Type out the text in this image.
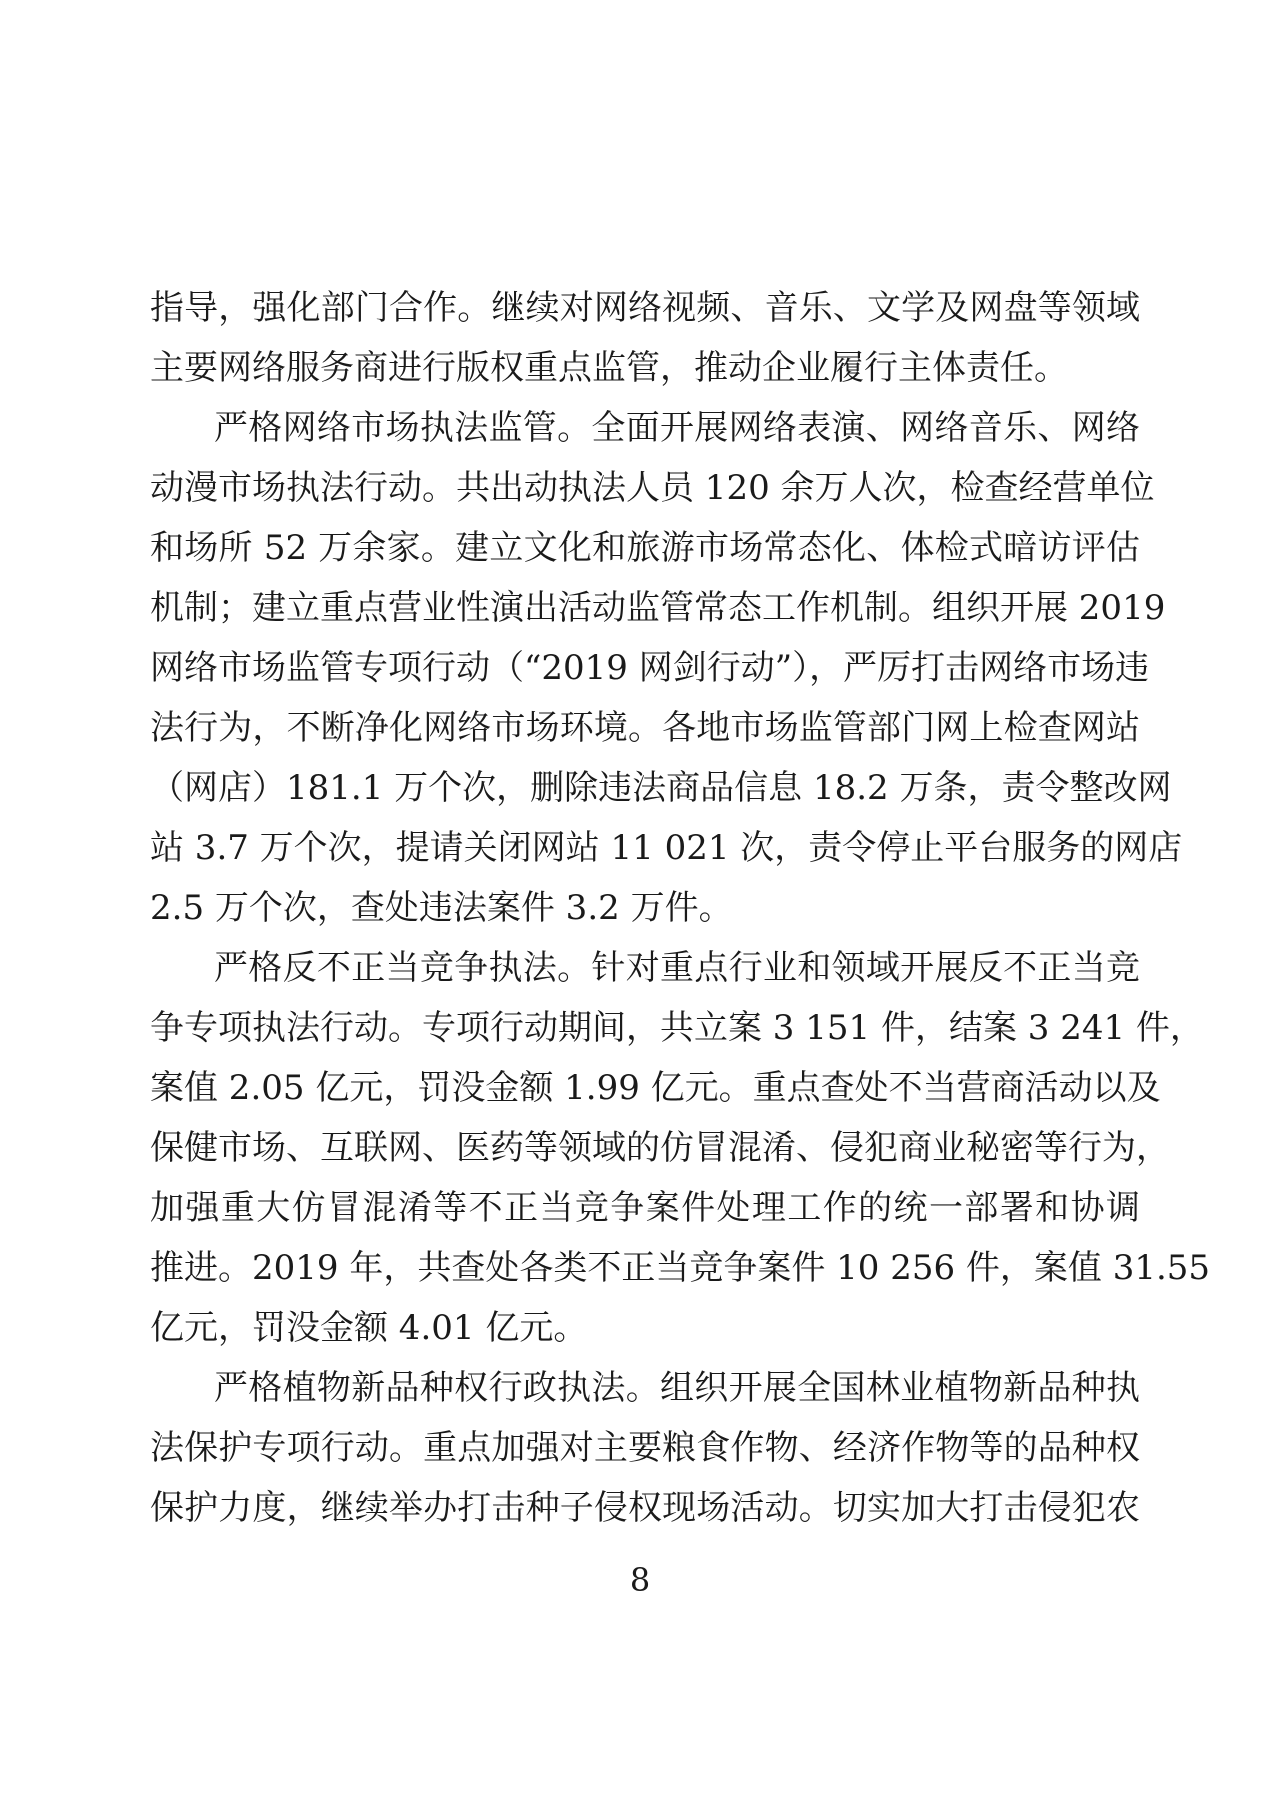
指导，强化部门合作。继续对网络视频、音乐、文学及网盘等领域
主要网络服务商进行版权重点监管，推动企业履行主体责任。
严格网络市场执法监管。全面开展网络表演、网络音乐、网络
动漫市场执法行动。共出动执法人员 120 余万人次，检查经营单位
和场所 52 万余家。建立文化和旅游市场常态化、体检式暗访评估
机制；建立重点营业性演出活动监管常态工作机制。组织开展 2019
网络市场监管专项行动（“2019 网剑行动”），严厉打击网络市场违
法行为，不断净化网络市场环境。各地市场监管部门网上检查网站
（网店）181.1 万个次，删除违法商品信息 18.2 万条，责令整改网
站 3.7 万个次，提请关闭网站 11 021 次，责令停止平台服务的网店
2.5 万个次，查处违法案件 3.2 万件。
严格反不正当竞争执法。针对重点行业和领域开展反不正当竞
争专项执法行动。专项行动期间，共立案 3 151 件，结案 3 241 件，
案值 2.05 亿元，罚没金额 1.99 亿元。重点查处不当营商活动以及
保健市场、互联网、医药等领域的仿冒混淆、侵犯商业秘密等行为，
加强重大仿冒混淆等不正当竞争案件处理工作的统一部署和协调
推进。2019 年，共查处各类不正当竞争案件 10 256 件，案值 31.55
亿元，罚没金额 4.01 亿元。
严格植物新品种权行政执法。组织开展全国林业植物新品种执
法保护专项行动。重点加强对主要粮食作物、经济作物等的品种权
保护力度，继续举办打击种子侵权现场活动。切实加大打击侵犯农
8
